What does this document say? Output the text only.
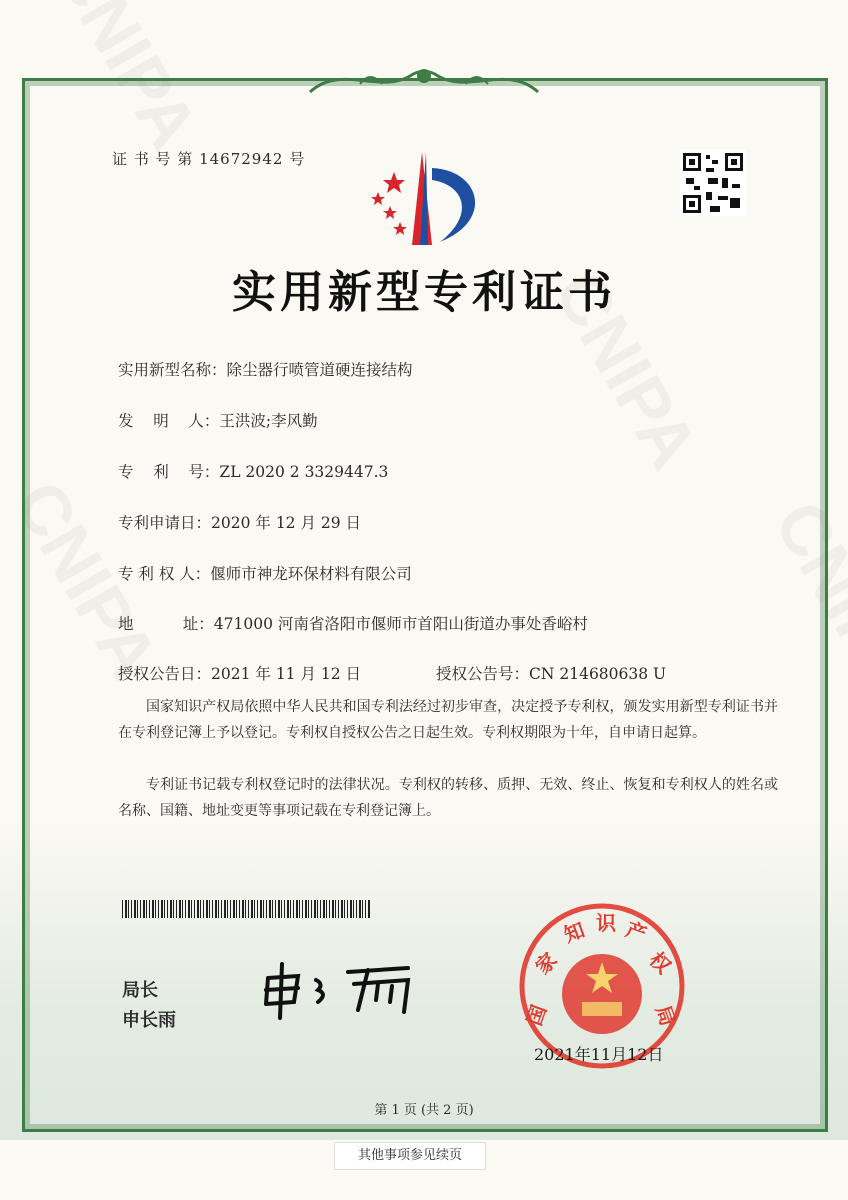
证 书 号 第 14672942 号
实用新型专利证书
实用新型名称：除尘器行喷管道硬连接结构
发    明    人：王洪波;李风勤
专    利    号：ZL 2020 2 3329447.3
专利申请日：2020 年 12 月 29 日
专 利 权 人：偃师市神龙环保材料有限公司
地          址：471000 河南省洛阳市偃师市首阳山街道办事处香峪村
授权公告日：2021 年 11 月 12 日	授权公告号：CN 214680638 U
国家知识产权局依照中华人民共和国专利法经过初步审查，决定授予专利权，颁发实用新型专利证书并在专利登记簿上予以登记。专利权自授权公告之日起生效。专利权期限为十年，自申请日起算。
专利证书记载专利权登记时的法律状况。专利权的转移、质押、无效、终止、恢复和专利权人的姓名或名称、国籍、地址变更等事项记载在专利登记簿上。
局长
申长雨	国
家
知 识 产
权
局
2021年11月12日
第 1 页 (共 2 页)
其他事项参见续页
